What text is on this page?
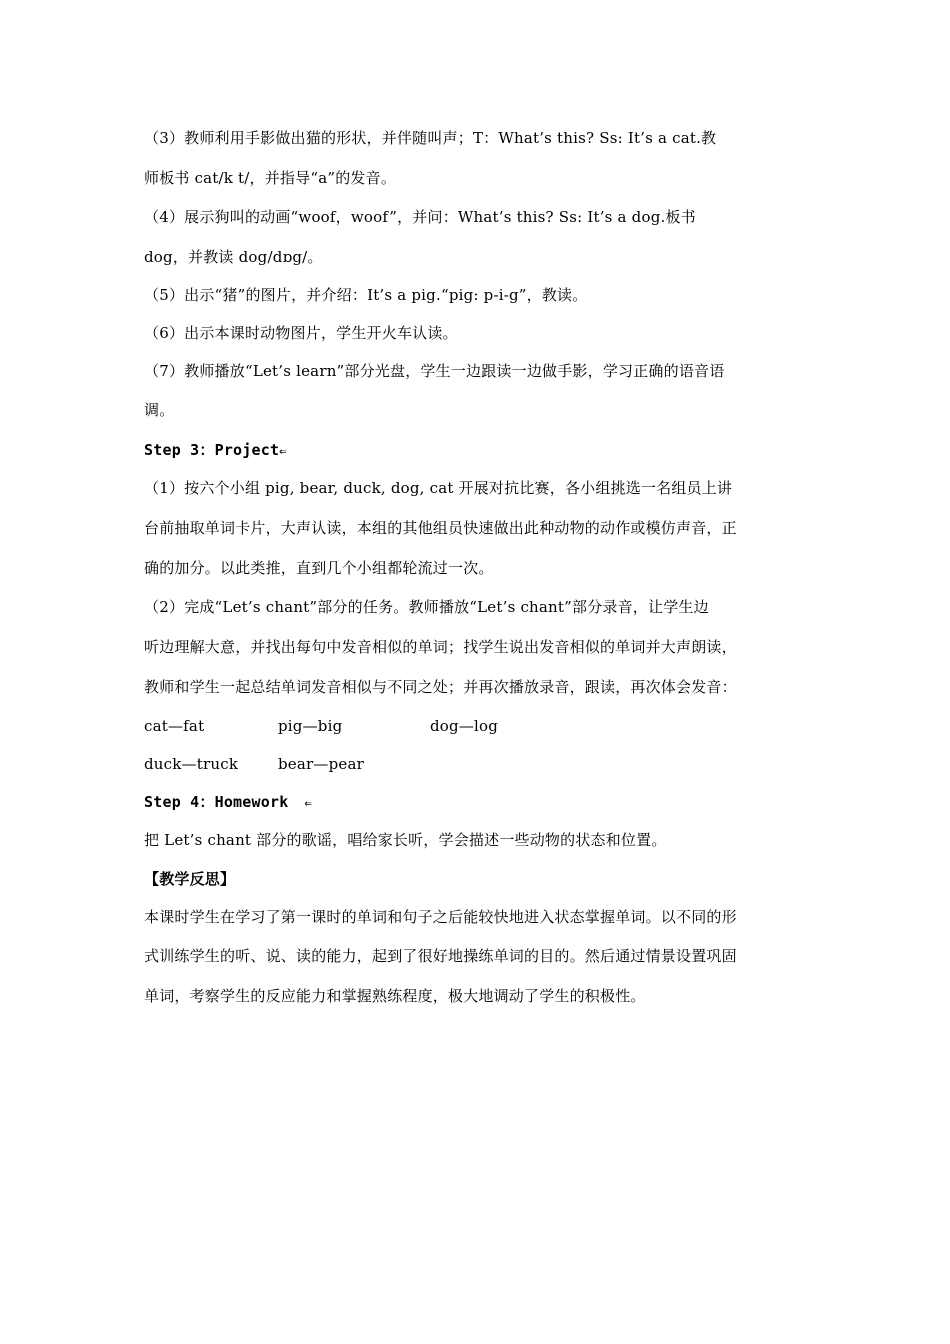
（3）教师利用手影做出猫的形状，并伴随叫声；T：What’s this? Ss: It’s a cat.教
师板书 cat/k t/，并指导“a”的发音。
（4）展示狗叫的动画“woof，woof”，并问：What’s this? Ss: It’s a dog.板书
dog，并教读 dog/dɒg/。
（5）出示“猪”的图片，并介绍：It’s a pig.“pig: p-i-g”，教读。
（6）出示本课时动物图片，学生开火车认读。
（7）教师播放“Let’s learn”部分光盘，学生一边跟读一边做手影，学习正确的语音语
调。
Step 3：Project⇐
（1）按六个小组 pig, bear, duck, dog, cat 开展对抗比赛，各小组挑选一名组员上讲
台前抽取单词卡片，大声认读，本组的其他组员快速做出此种动物的动作或模仿声音，正
确的加分。以此类推，直到几个小组都轮流过一次。
（2）完成“Let’s chant”部分的任务。教师播放“Let’s chant”部分录音，让学生边
听边理解大意，并找出每句中发音相似的单词；找学生说出发音相似的单词并大声朗读，
教师和学生一起总结单词发音相似与不同之处；并再次播放录音，跟读，再次体会发音：
cat—fat	pig—big	dog—log
duck—truck	bear—pear
Step 4：Homework ⇐
把 Let’s chant 部分的歌谣，唱给家长听，学会描述一些动物的状态和位置。
【教学反思】
本课时学生在学习了第一课时的单词和句子之后能较快地进入状态掌握单词。以不同的形
式训练学生的听、说、读的能力，起到了很好地操练单词的目的。然后通过情景设置巩固
单词，考察学生的反应能力和掌握熟练程度，极大地调动了学生的积极性。
